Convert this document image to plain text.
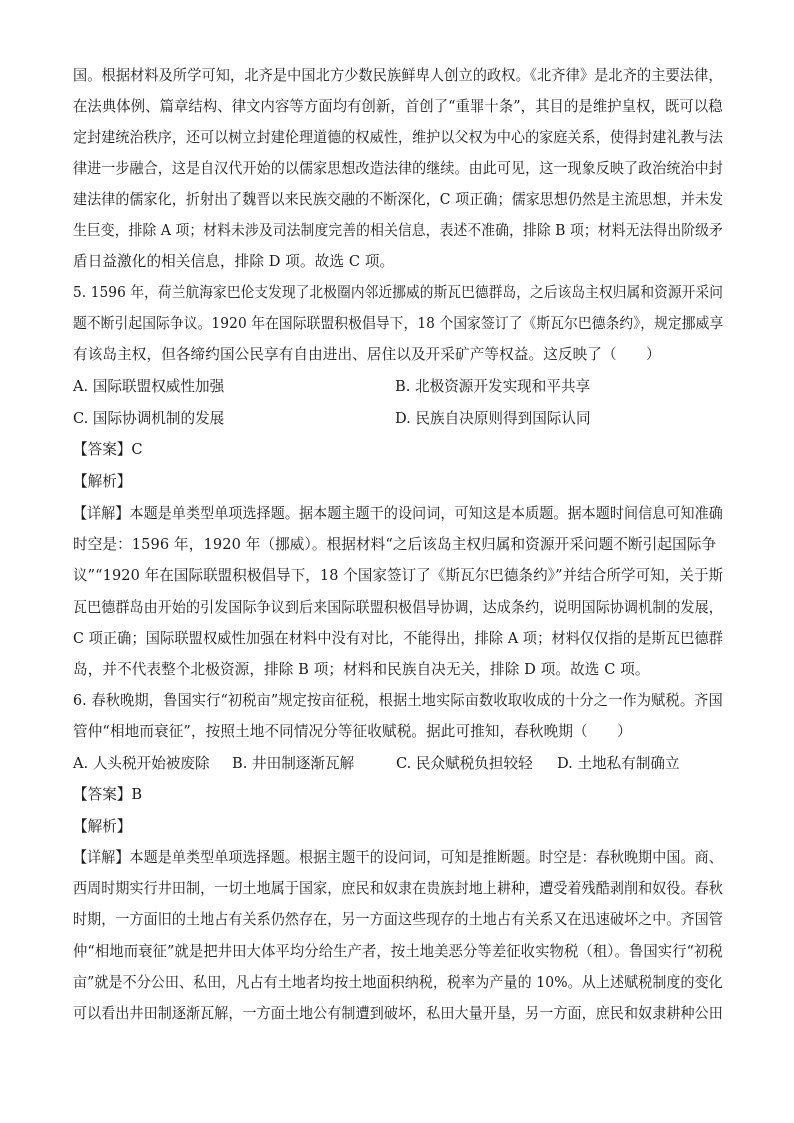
国。根据材料及所学可知，北齐是中国北方少数民族鲜卑人创立的政权。《北齐律》是北齐的主要法律，
在法典体例、篇章结构、律文内容等方面均有创新，首创了“重罪十条”，其目的是维护皇权，既可以稳
定封建统治秩序，还可以树立封建伦理道德的权威性，维护以父权为中心的家庭关系，使得封建礼教与法
律进一步融合，这是自汉代开始的以儒家思想改造法律的继续。由此可见，这一现象反映了政治统治中封
建法律的儒家化，折射出了魏晋以来民族交融的不断深化，C 项正确；儒家思想仍然是主流思想，并未发
生巨变，排除 A 项；材料未涉及司法制度完善的相关信息，表述不准确，排除 B 项；材料无法得出阶级矛
盾日益激化的相关信息，排除 D 项。故选 C 项。
5. 1596 年，荷兰航海家巴伦支发现了北极圈内邻近挪威的斯瓦巴德群岛，之后该岛主权归属和资源开采问
题不断引起国际争议。1920 年在国际联盟积极倡导下，18 个国家签订了《斯瓦尔巴德条约》，规定挪威享
有该岛主权，但各缔约国公民享有自由进出、居住以及开采矿产等权益。这反映了（　　）
A. 国际联盟权威性加强	B. 北极资源开发实现和平共享
C. 国际协调机制的发展	D. 民族自决原则得到国际认同
【答案】C
【解析】
【详解】本题是单类型单项选择题。据本题主题干的设问词，可知这是本质题。据本题时间信息可知准确
时空是：1596 年，1920 年（挪威）。根据材料“之后该岛主权归属和资源开采问题不断引起国际争
议”“1920 年在国际联盟积极倡导下，18 个国家签订了《斯瓦尔巴德条约》”并结合所学可知，关于斯
瓦巴德群岛由开始的引发国际争议到后来国际联盟积极倡导协调，达成条约，说明国际协调机制的发展，
C 项正确；国际联盟权威性加强在材料中没有对比，不能得出，排除 A 项；材料仅仅指的是斯瓦巴德群
岛，并不代表整个北极资源，排除 B 项；材料和民族自决无关，排除 D 项。故选 C 项。
6. 春秋晚期，鲁国实行“初税亩”规定按亩征税，根据土地实际亩数收取收成的十分之一作为赋税。齐国
管仲“相地而衰征”，按照土地不同情况分等征收赋税。据此可推知，春秋晚期（　　）
A. 人头税开始被废除 B. 井田制逐渐瓦解	C. 民众赋税负担较轻 D. 土地私有制确立
【答案】B
【解析】
【详解】本题是单类型单项选择题。根据主题干的设问词，可知是推断题。时空是：春秋晚期中国。商、
西周时期实行井田制，一切土地属于国家，庶民和奴隶在贵族封地上耕种，遭受着残酷剥削和奴役。春秋
时期，一方面旧的土地占有关系仍然存在，另一方面这些现存的土地占有关系又在迅速破坏之中。齐国管
仲“相地而衰征”就是把井田大体平均分给生产者，按土地美恶分等差征收实物税（租）。鲁国实行“初税
亩”就是不分公田、私田，凡占有土地者均按土地面积纳税，税率为产量的 10%。从上述赋税制度的变化
可以看出井田制逐渐瓦解，一方面土地公有制遭到破坏，私田大量开垦，另一方面，庶民和奴隶耕种公田
